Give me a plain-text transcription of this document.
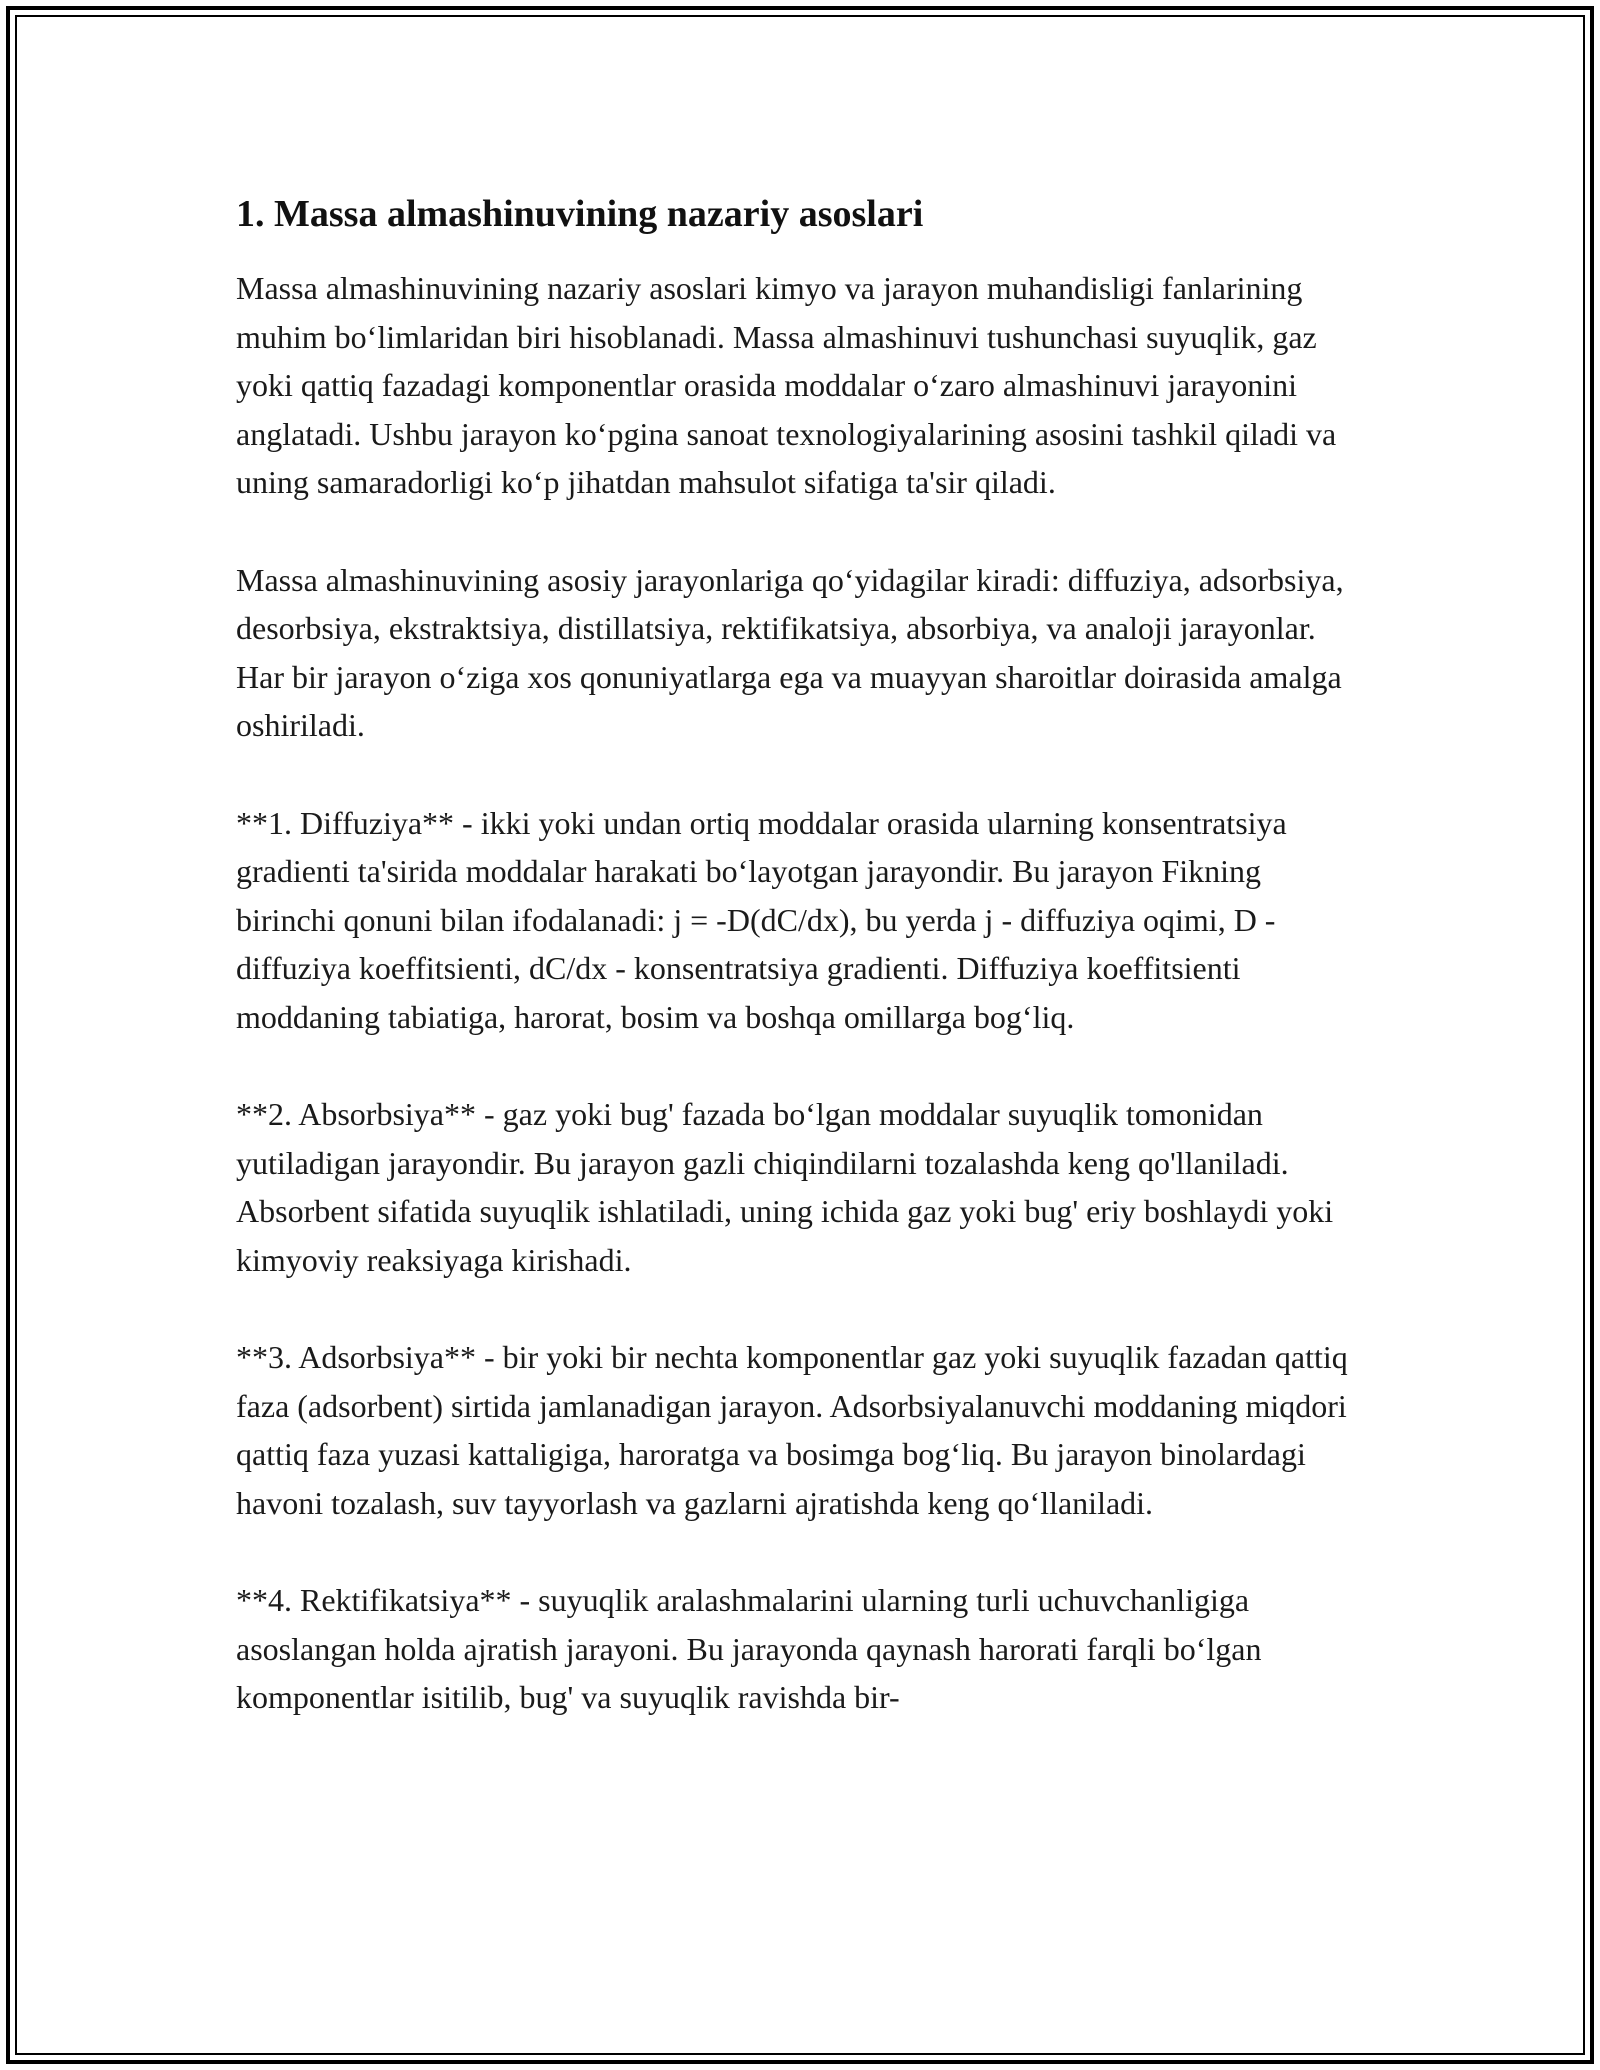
1. Massa almashinuvining nazariy asoslari

Massa almashinuvining nazariy asoslari kimyo va jarayon muhandisligi fanlarining muhim bo‘limlaridan biri hisoblanadi. Massa almashinuvi tushunchasi suyuqlik, gaz yoki qattiq fazadagi komponentlar orasida moddalar o‘zaro almashinuvi jarayonini anglatadi. Ushbu jarayon ko‘pgina sanoat texnologiyalarining asosini tashkil qiladi va uning samaradorligi ko‘p jihatdan mahsulot sifatiga ta'sir qiladi.

Massa almashinuvining asosiy jarayonlariga qo‘yidagilar kiradi: diffuziya, adsorbsiya, desorbsiya, ekstraktsiya, distillatsiya, rektifikatsiya, absorbiya, va analoji jarayonlar. Har bir jarayon o‘ziga xos qonuniyatlarga ega va muayyan sharoitlar doirasida amalga oshiriladi.

**1. Diffuziya** - ikki yoki undan ortiq moddalar orasida ularning konsentratsiya gradienti ta'sirida moddalar harakati bo‘layotgan jarayondir. Bu jarayon Fikning birinchi qonuni bilan ifodalanadi: j = -D(dC/dx), bu yerda j - diffuziya oqimi, D - diffuziya koeffitsienti, dC/dx - konsentratsiya gradienti. Diffuziya koeffitsienti moddaning tabiatiga, harorat, bosim va boshqa omillarga bog‘liq.

**2. Absorbsiya** - gaz yoki bug' fazada bo‘lgan moddalar suyuqlik tomonidan yutiladigan jarayondir. Bu jarayon gazli chiqindilarni tozalashda keng qo'llaniladi. Absorbent sifatida suyuqlik ishlatiladi, uning ichida gaz yoki bug' eriy boshlaydi yoki kimyoviy reaksiyaga kirishadi.

**3. Adsorbsiya** - bir yoki bir nechta komponentlar gaz yoki suyuqlik fazadan qattiq faza (adsorbent) sirtida jamlanadigan jarayon. Adsorbsiyalanuvchi moddaning miqdori qattiq faza yuzasi kattaligiga, haroratga va bosimga bog‘liq. Bu jarayon binolardagi havoni tozalash, suv tayyorlash va gazlarni ajratishda keng qo‘llaniladi.

**4. Rektifikatsiya** - suyuqlik aralashmalarini ularning turli uchuvchanligiga asoslangan holda ajratish jarayoni. Bu jarayonda qaynash harorati farqli bo‘lgan komponentlar isitilib, bug' va suyuqlik ravishda bir-
